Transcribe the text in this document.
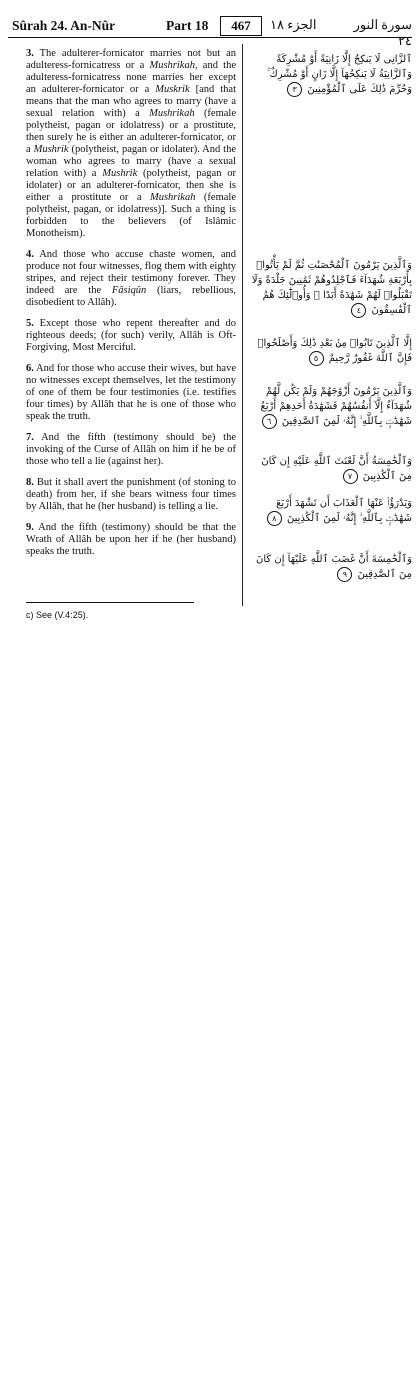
Sûrah 24. An-Nûr	Part 18	467	الجزء ١٨	سورة النور ٢٤

3. The adulterer-fornicator marries not but an adulteress-fornicatress or a Mushrikah, and the adulteress-fornicatress none marries her except an adulterer-fornicator or a Muskrik [and that means that the man who agrees to marry (have a sexual relation with) a Mushrikah (female polytheist, pagan or idolatress) or a prostitute, then surely he is either an adulterer-fornicator, or a Mushrik (polytheist, pagan or idolater). And the woman who agrees to marry (have a sexual relation with) a Mushrik (polytheist, pagan or idolater) or an adulterer-fornicator, then she is either a prostitute or a Mushrikah (female polytheist, pagan, or idolatress)]. Such a thing is forbidden to the believers (of Islâmic Monotheism).

4. And those who accuse chaste women, and produce not four witnesses, flog them with eighty stripes, and reject their testimony forever. They indeed are the Fâsiqûn (liars, rebellious, disobedient to Allâh).

5. Except those who repent thereafter and do righteous deeds; (for such) verily, Allâh is Oft-Forgiving, Most Merciful.

6. And for those who accuse their wives, but have no witnesses except themselves, let the testimony of one of them be four testimonies (i.e. testifies four times) by Allâh that he is one of those who speak the truth.

7. And the fifth (testimony should be) the invoking of the Curse of Allâh on him if he be of those who tell a lie (against her).

8. But it shall avert the punishment (of stoning to death) from her, if she bears witness four times by Allâh, that he (her husband) is telling a lie.

9. And the fifth (testimony) should be that the Wrath of Allâh be upon her if he (her husband) speaks the truth.

ٱلزَّانِى لَا يَنكِحُ إِلَّا زَانِيَةً أَوْ مُشْرِكَةً وَٱلزَّانِيَةُ لَا يَنكِحُهَآ إِلَّا زَانٍ أَوْ مُشْرِكٌ ۚ وَحُرِّمَ ذَٰلِكَ عَلَى ٱلْمُؤْمِنِينَ ٣
وَٱلَّذِينَ يَرْمُونَ ٱلْمُحْصَنَٰتِ ثُمَّ لَمْ يَأْتُوا۟ بِأَرْبَعَةِ شُهَدَآءَ فَٱجْلِدُوهُمْ ثَمَٰنِينَ جَلْدَةً وَلَا تَقْبَلُوا۟ لَهُمْ شَهَٰدَةً أَبَدًا ۚ وَأُو۟لَٰٓئِكَ هُمُ ٱلْفَٰسِقُونَ ٤
إِلَّا ٱلَّذِينَ تَابُوا۟ مِنۢ بَعْدِ ذَٰلِكَ وَأَصْلَحُوا۟ فَإِنَّ ٱللَّهَ غَفُورٌ رَّحِيمٌ ٥
وَٱلَّذِينَ يَرْمُونَ أَزْوَٰجَهُمْ وَلَمْ يَكُن لَّهُمْ شُهَدَآءُ إِلَّآ أَنفُسُهُمْ فَشَهَٰدَةُ أَحَدِهِمْ أَرْبَعُ شَهَٰدَٰتٍۭ بِٱللَّهِ ۙ إِنَّهُۥ لَمِنَ ٱلصَّٰدِقِينَ ٦
وَٱلْخَٰمِسَةُ أَنَّ لَعْنَتَ ٱللَّهِ عَلَيْهِ إِن كَانَ مِنَ ٱلْكَٰذِبِينَ ٧
وَيَدْرَؤُا۟ عَنْهَا ٱلْعَذَابَ أَن تَشْهَدَ أَرْبَعَ شَهَٰدَٰتٍۭ بِٱللَّهِ ۙ إِنَّهُۥ لَمِنَ ٱلْكَٰذِبِينَ ٨
وَٱلْخَٰمِسَةَ أَنَّ غَضَبَ ٱللَّهِ عَلَيْهَآ إِن كَانَ مِنَ ٱلصَّٰدِقِينَ ٩
c) See (V.4:25).
